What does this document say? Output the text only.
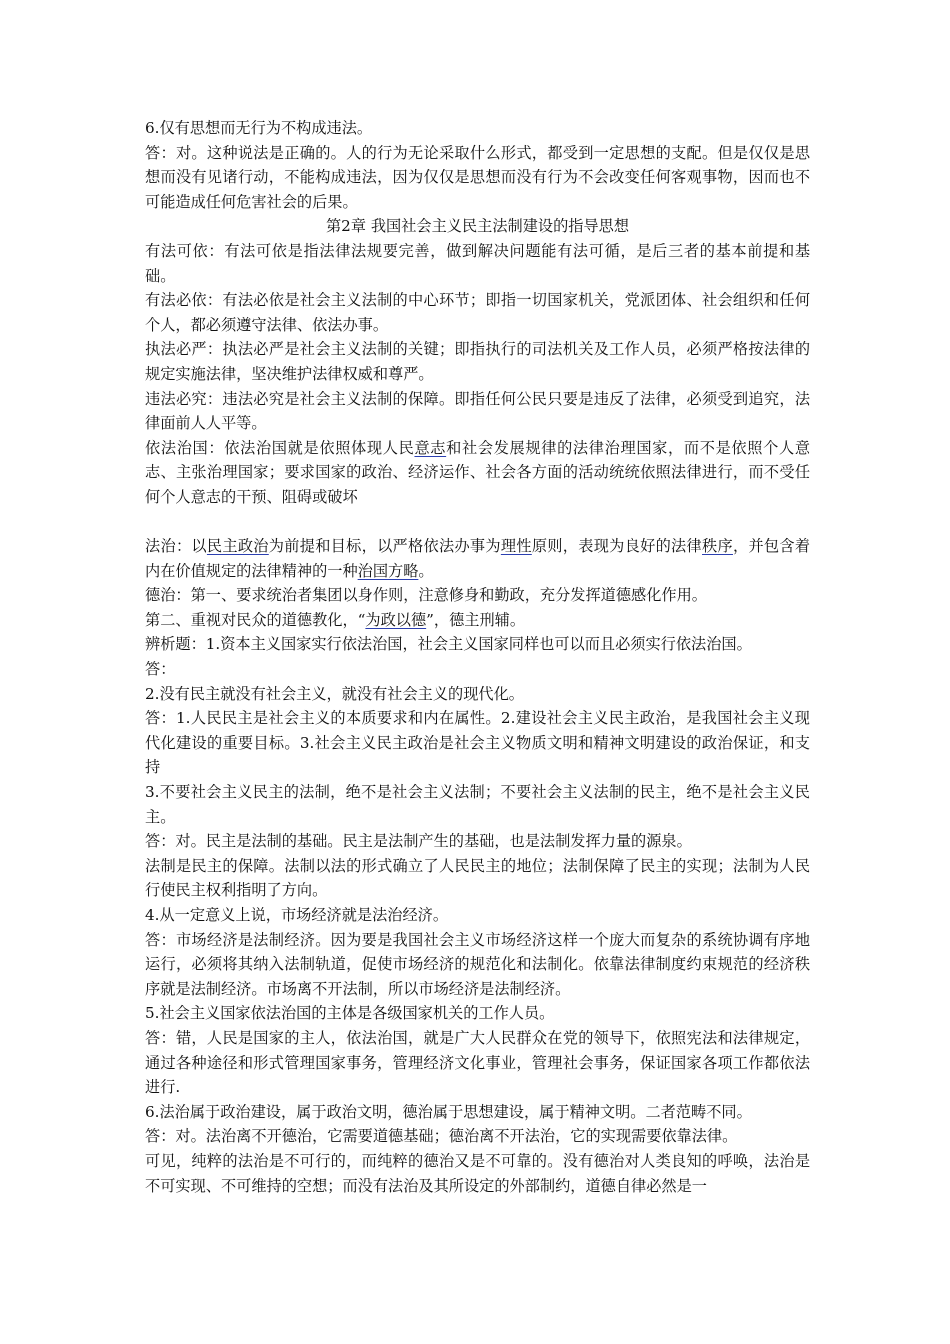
6.仅有思想而无行为不构成违法。

答：对。这种说法是正确的。人的行为无论采取什么形式，都受到一定思想的支配。但是仅仅是思想而没有见诸行动，不能构成违法，因为仅仅是思想而没有行为不会改变任何客观事物，因而也不可能造成任何危害社会的后果。

第2章 我国社会主义民主法制建设的指导思想

有法可依：有法可依是指法律法规要完善，做到解决问题能有法可循，是后三者的基本前提和基础。

有法必依：有法必依是社会主义法制的中心环节；即指一切国家机关，党派团体、社会组织和任何个人，都必须遵守法律、依法办事。

执法必严：执法必严是社会主义法制的关键；即指执行的司法机关及工作人员，必须严格按法律的规定实施法律，坚决维护法律权威和尊严。

违法必究：违法必究是社会主义法制的保障。即指任何公民只要是违反了法律，必须受到追究，法律面前人人平等。

依法治国：依法治国就是依照体现人民意志和社会发展规律的法律治理国家，而不是依照个人意志、主张治理国家；要求国家的政治、经济运作、社会各方面的活动统统依照法律进行，而不受任何个人意志的干预、阻碍或破坏

法治：以民主政治为前提和目标，以严格依法办事为理性原则，表现为良好的法律秩序，并包含着内在价值规定的法律精神的一种治国方略。

德治：第一、要求统治者集团以身作则，注意修身和勤政，充分发挥道德感化作用。

第二、重视对民众的道德教化，“为政以德”，德主刑辅。

辨析题：1.资本主义国家实行依法治国，社会主义国家同样也可以而且必须实行依法治国。

答：

2.没有民主就没有社会主义，就没有社会主义的现代化。

答：1.人民民主是社会主义的本质要求和内在属性。2.建设社会主义民主政治，是我国社会主义现代化建设的重要目标。3.社会主义民主政治是社会主义物质文明和精神文明建设的政治保证，和支持

3.不要社会主义民主的法制，绝不是社会主义法制；不要社会主义法制的民主，绝不是社会主义民主。

答：对。民主是法制的基础。民主是法制产生的基础，也是法制发挥力量的源泉。

法制是民主的保障。法制以法的形式确立了人民民主的地位；法制保障了民主的实现；法制为人民行使民主权利指明了方向。

4.从一定意义上说，市场经济就是法治经济。

答：市场经济是法制经济。因为要是我国社会主义市场经济这样一个庞大而复杂的系统协调有序地运行，必须将其纳入法制轨道，促使市场经济的规范化和法制化。依靠法律制度约束规范的经济秩序就是法制经济。市场离不开法制，所以市场经济是法制经济。

5.社会主义国家依法治国的主体是各级国家机关的工作人员。

答：错，人民是国家的主人，依法治国，就是广大人民群众在党的领导下，依照宪法和法律规定，通过各种途径和形式管理国家事务，管理经济文化事业，管理社会事务，保证国家各项工作都依法进行.

6.法治属于政治建设，属于政治文明，德治属于思想建设，属于精神文明。二者范畴不同。

答：对。法治离不开德治，它需要道德基础；德治离不开法治，它的实现需要依靠法律。

可见，纯粹的法治是不可行的，而纯粹的德治又是不可靠的。没有德治对人类良知的呼唤，法治是不可实现、不可维持的空想；而没有法治及其所设定的外部制约，道德自律必然是一
